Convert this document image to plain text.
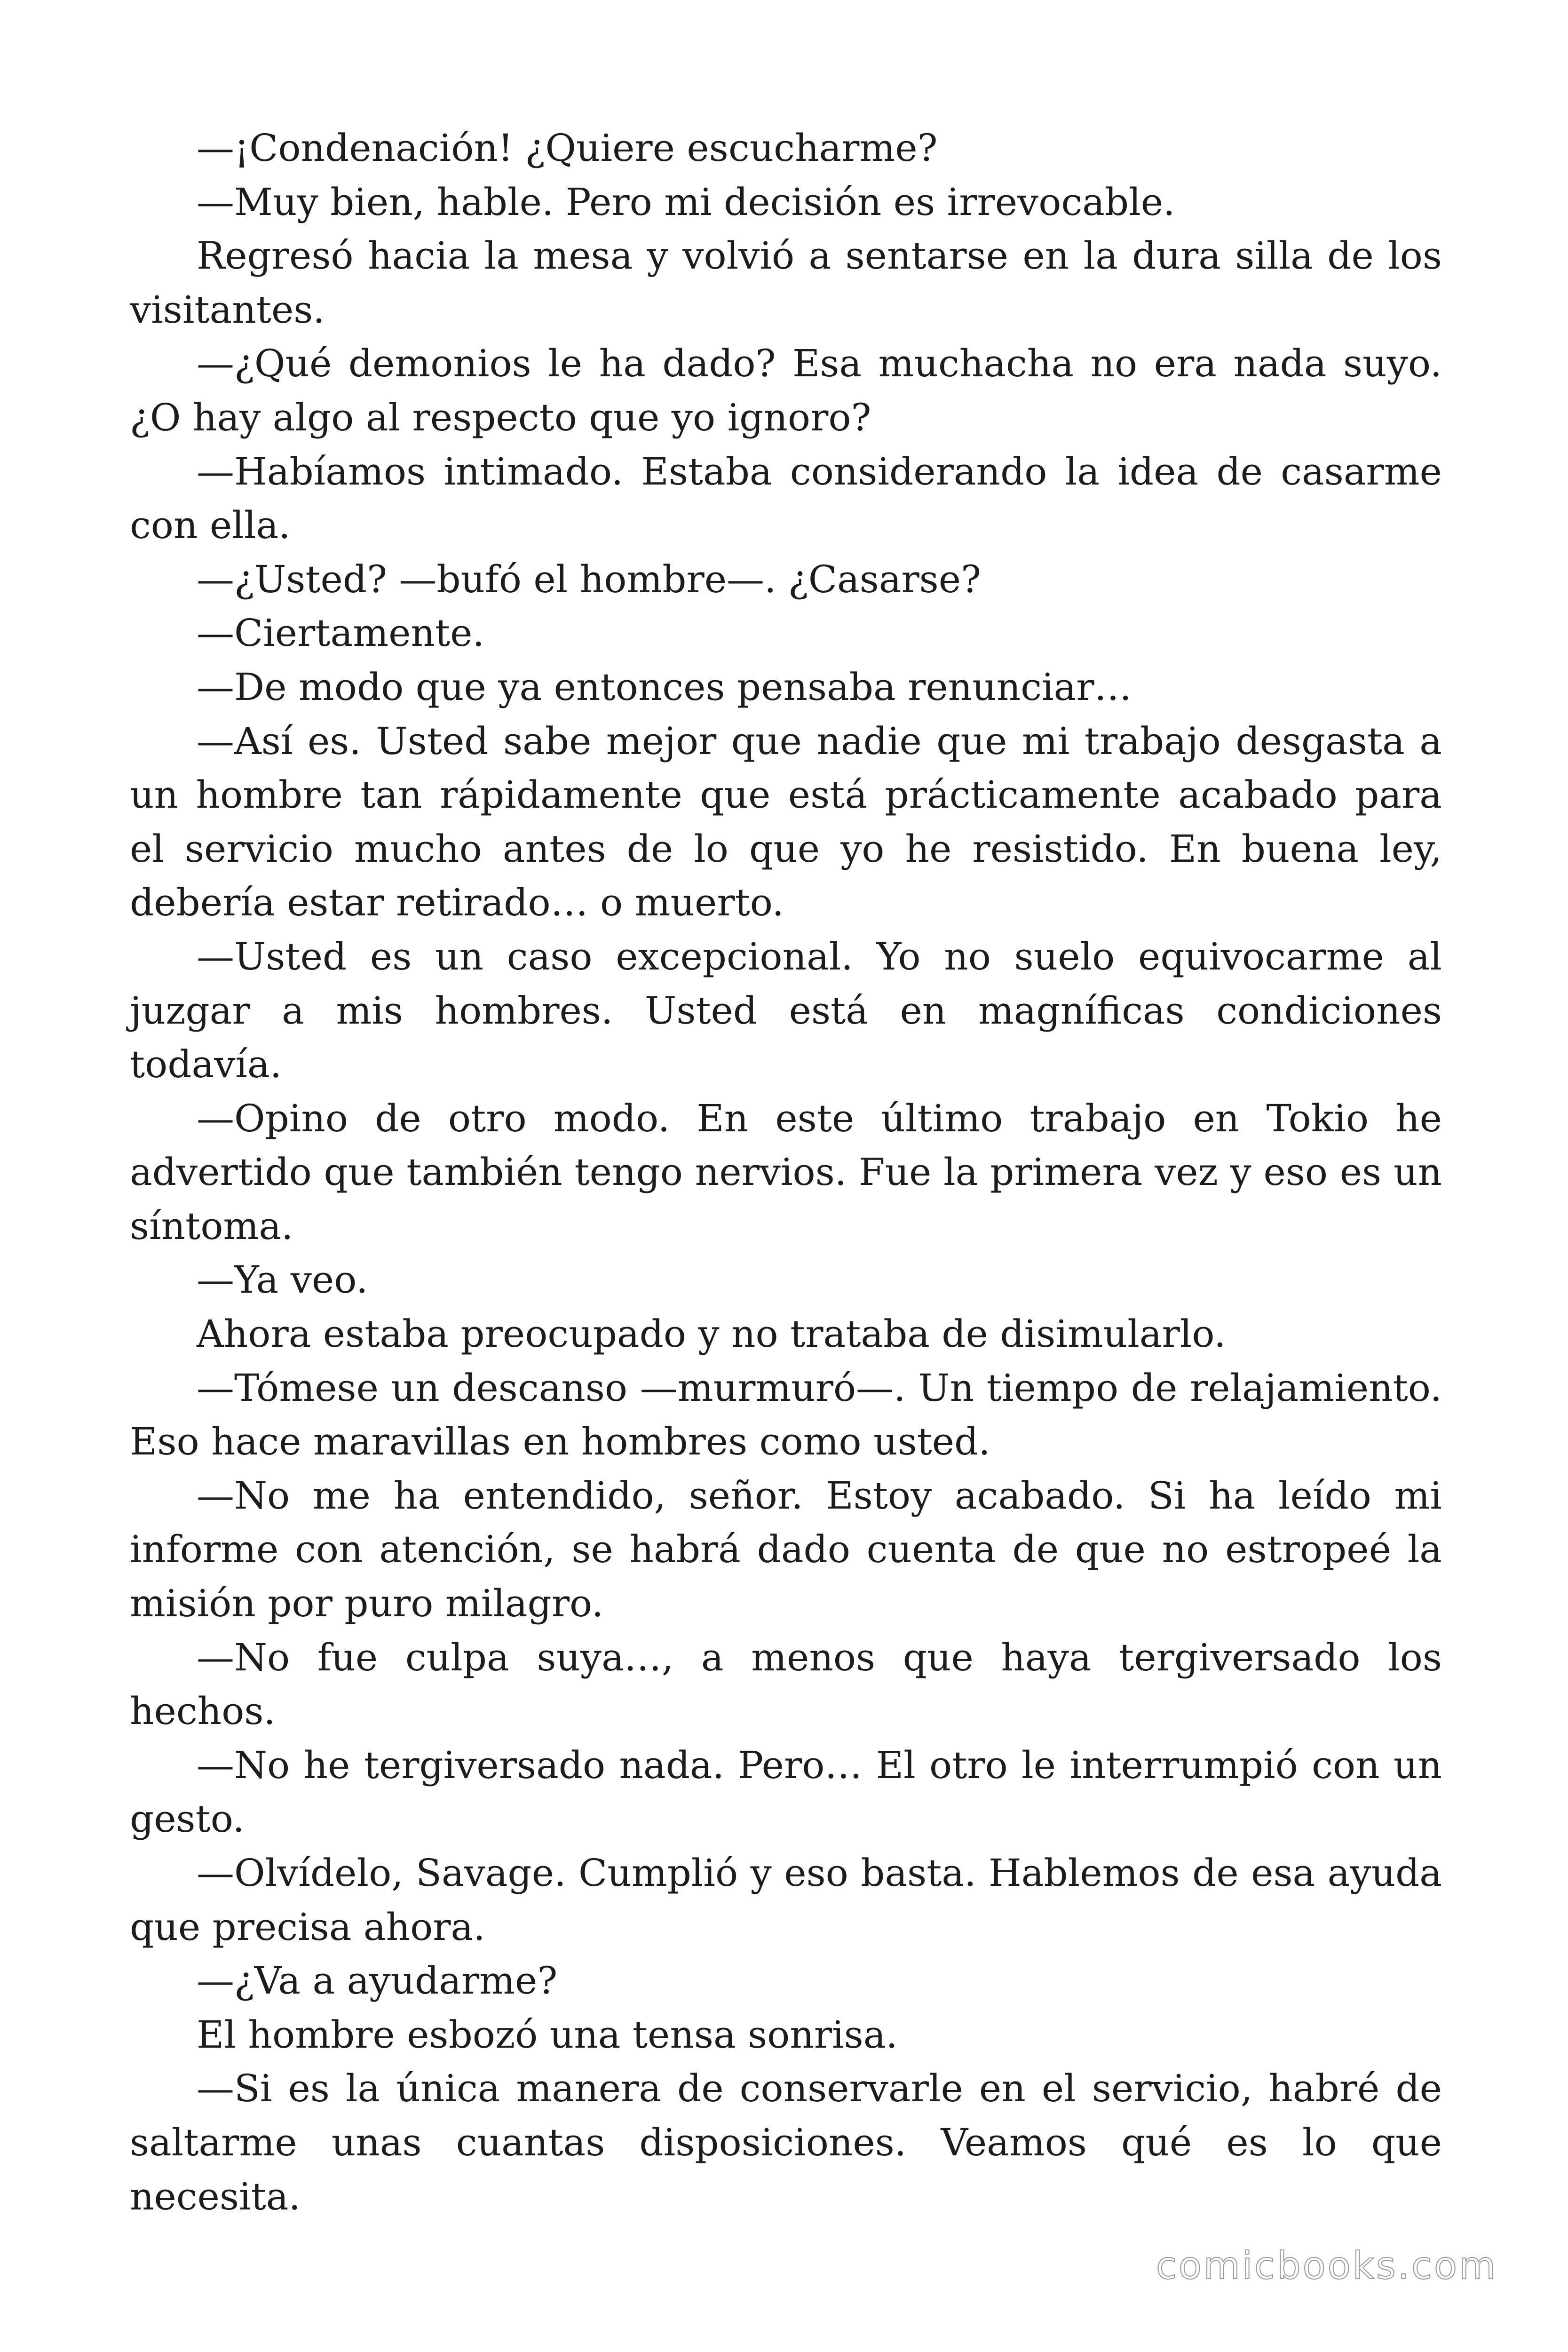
—¡Condenación! ¿Quiere escucharme?

—Muy bien, hable. Pero mi decisión es irrevocable.

Regresó hacia la mesa y volvió a sentarse en la dura silla de los visitantes.

—¿Qué demonios le ha dado? Esa muchacha no era nada suyo. ¿O hay algo al respecto que yo ignoro?

—Habíamos intimado. Estaba considerando la idea de casarme con ella.

—¿Usted? —bufó el hombre—. ¿Casarse?

—Ciertamente.

—De modo que ya entonces pensaba renunciar…

—Así es. Usted sabe mejor que nadie que mi trabajo desgasta a un hombre tan rápidamente que está prácticamente acabado para el servicio mucho antes de lo que yo he resistido. En buena ley, debería estar retirado… o muerto.

—Usted es un caso excepcional. Yo no suelo equivocarme al juzgar a mis hombres. Usted está en magníficas condiciones todavía.

—Opino de otro modo. En este último trabajo en Tokio he advertido que también tengo nervios. Fue la primera vez y eso es un síntoma.

—Ya veo.

Ahora estaba preocupado y no trataba de disimularlo.

—Tómese un descanso —murmuró—. Un tiempo de relajamiento. Eso hace maravillas en hombres como usted.

—No me ha entendido, señor. Estoy acabado. Si ha leído mi informe con atención, se habrá dado cuenta de que no estropeé la misión por puro milagro.

—No fue culpa suya…, a menos que haya tergiversado los hechos.

—No he tergiversado nada. Pero… El otro le interrumpió con un gesto.

—Olvídelo, Savage. Cumplió y eso basta. Hablemos de esa ayuda que precisa ahora.

—¿Va a ayudarme?

El hombre esbozó una tensa sonrisa.

—Si es la única manera de conservarle en el servicio, habré de saltarme unas cuantas disposiciones. Veamos qué es lo que necesita.

comicbooks.com
